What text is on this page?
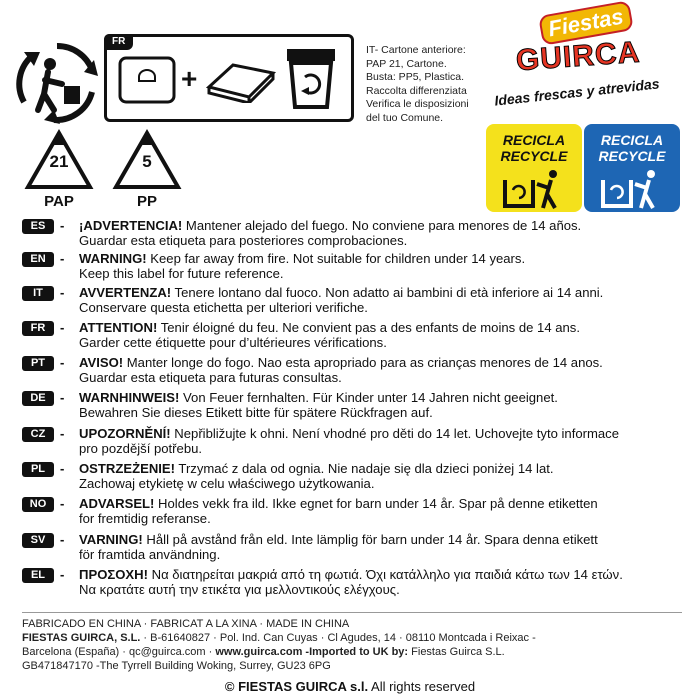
FR
+
IT- Cartone anteriore:
PAP 21, Cartone.
Busta: PP5, Plastica.
Raccolta differenziata
Verifica le disposizioni
del tuo Comune.
21
PAP
5
PP
Fiestas
GUIRCA
Ideas frescas y atrevidas
RECICLA
RECYCLE
RECICLA
RECYCLE
ES	- ¡ADVERTENCIA! Mantener alejado del fuego. No conviene para menores de 14 años.
Guardar esta etiqueta para posteriores comprobaciones.
EN	- WARNING! Keep far away from fire. Not suitable for children under 14 years.
Keep this label for future reference.
IT	- AVVERTENZA! Tenere lontano dal fuoco. Non adatto ai bambini di età inferiore ai 14 anni.
Conservare questa etichetta per ulteriori verifiche.
FR	- ATTENTION! Tenir éloigné du feu. Ne convient pas a des enfants de moins de 14 ans.
Garder cette étiquette pour d’ultérieures vérifications.
PT	- AVISO! Manter longe do fogo. Nao esta apropriado para as crianças menores de 14 anos.
Guardar esta etiqueta para futuras consultas.
DE	- WARNHINWEIS! Von Feuer fernhalten. Für Kinder unter 14 Jahren nicht geeignet.
Bewahren Sie dieses Etikett bitte für spätere Rückfragen auf.
CZ	- UPOZORNĚNÍ! Nepřibližujte k ohni. Není vhodné pro děti do 14 let. Uchovejte tyto informace
pro pozdější potřebu.
PL	- OSTRZEŻENIE! Trzymać z dala od ognia. Nie nadaje się dla dzieci poniżej 14 lat.
Zachowaj etykietę w celu właściwego użytkowania.
NO	- ADVARSEL! Holdes vekk fra ild. Ikke egnet for barn under 14 år. Spar på denne etiketten
for fremtidig referanse.
SV	- VARNING! Håll på avstånd från eld. Inte lämplig för barn under 14 år. Spara denna etikett
för framtida användning.
EL	- ΠΡΟΣΟΧΗ! Να διατηρείται μακριά από τη φωτιά. Όχι κατάλληλο για παιδιά κάτω των 14 ετών.
Να κρατάτε αυτή την ετικέτα για μελλοντικούς ελέγχους.
FABRICADO EN CHINA · FABRICAT A LA XINA · MADE IN CHINA
FIESTAS GUIRCA, S.L. · B-61640827 · Pol. Ind. Can Cuyas · Cl Agudes, 14 · 08110 Montcada i Reixac -
Barcelona (España) · qc@guirca.com · www.guirca.com -Imported to UK by: Fiestas Guirca S.L.
GB471847170 -The Tyrrell Building Woking, Surrey, GU23 6PG
© FIESTAS GUIRCA s.l. All rights reserved
